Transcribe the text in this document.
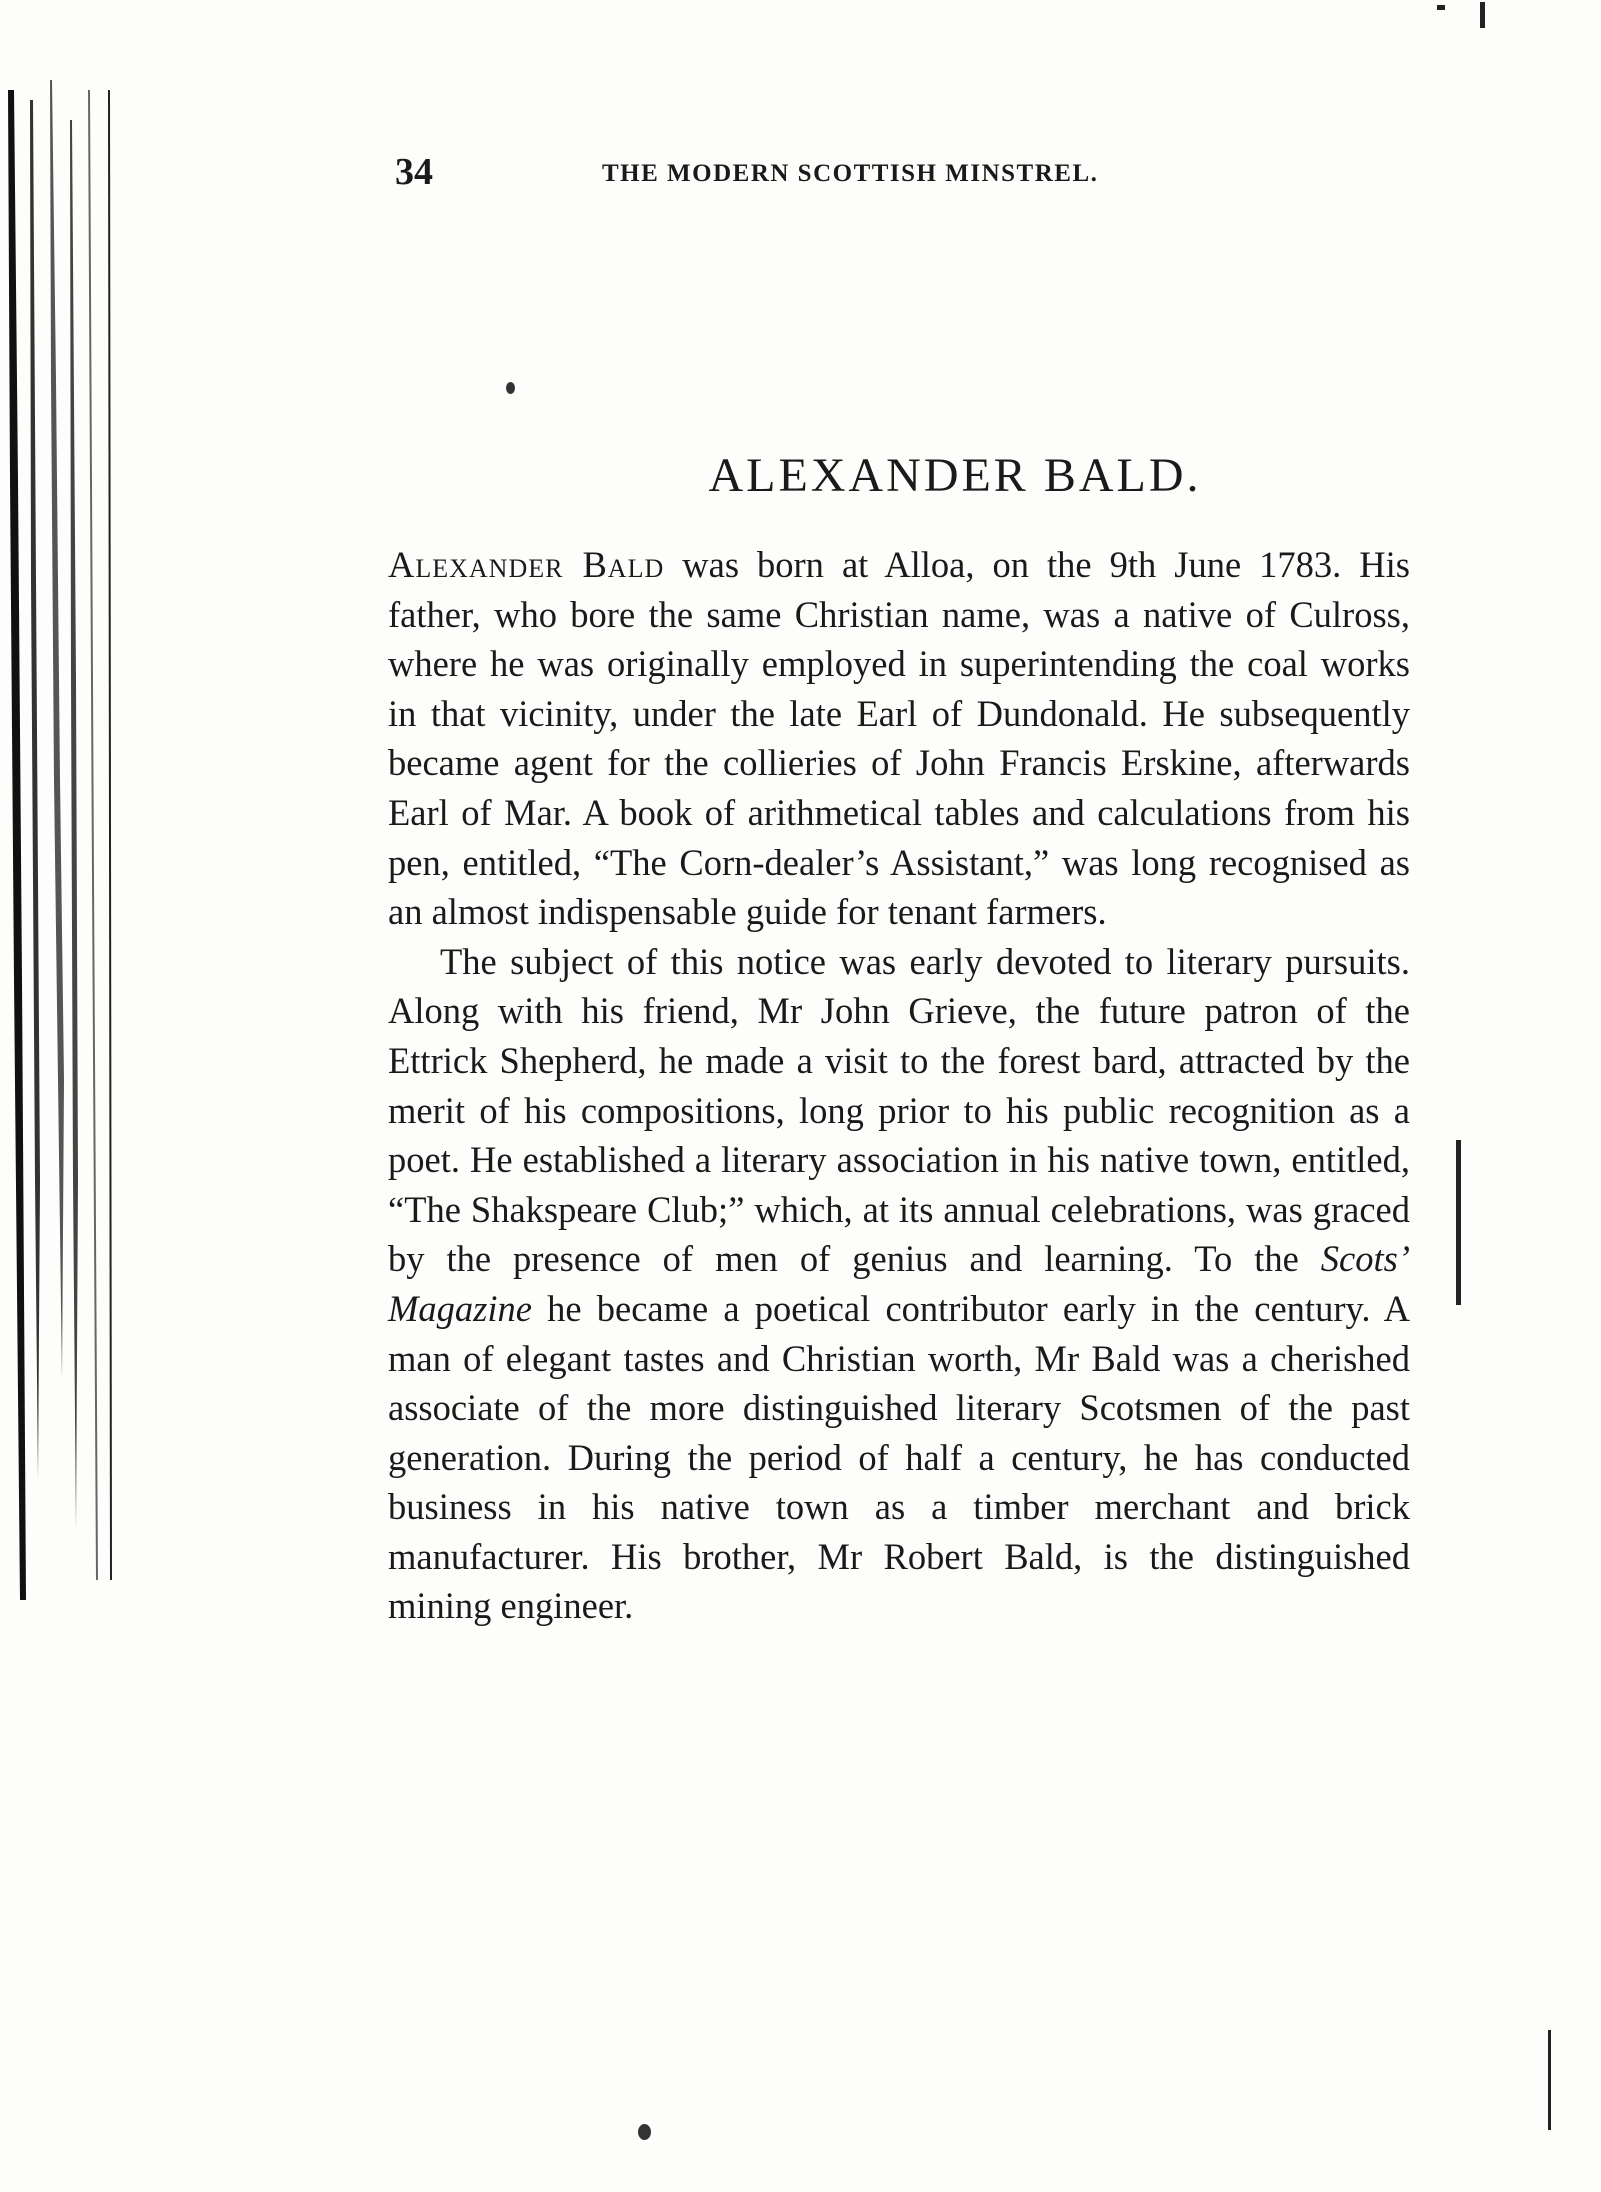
34	THE MODERN SCOTTISH MINSTREL.
ALEXANDER BALD.

Alexander Bald was born at Alloa, on the 9th June 1783. His father, who bore the same Christian name, was a native of Culross, where he was originally employed in superintending the coal works in that vicinity, under the late Earl of Dundonald. He subsequently became agent for the collieries of John Francis Erskine, afterwards Earl of Mar. A book of arithmetical tables and calculations from his pen, entitled, “The Corn-dealer’s Assistant,” was long recognised as an almost indispensable guide for tenant farmers.

The subject of this notice was early devoted to literary pursuits. Along with his friend, Mr John Grieve, the future patron of the Ettrick Shepherd, he made a visit to the forest bard, attracted by the merit of his compositions, long prior to his public recognition as a poet. He established a literary association in his native town, entitled, “The Shakspeare Club;” which, at its annual celebrations, was graced by the presence of men of genius and learning. To the Scots’ Magazine he became a poetical contributor early in the century. A man of elegant tastes and Christian worth, Mr Bald was a cherished associate of the more distinguished literary Scotsmen of the past generation. During the period of half a century, he has conducted business in his native town as a timber merchant and brick manufacturer. His brother, Mr Robert Bald, is the distinguished mining engineer.
